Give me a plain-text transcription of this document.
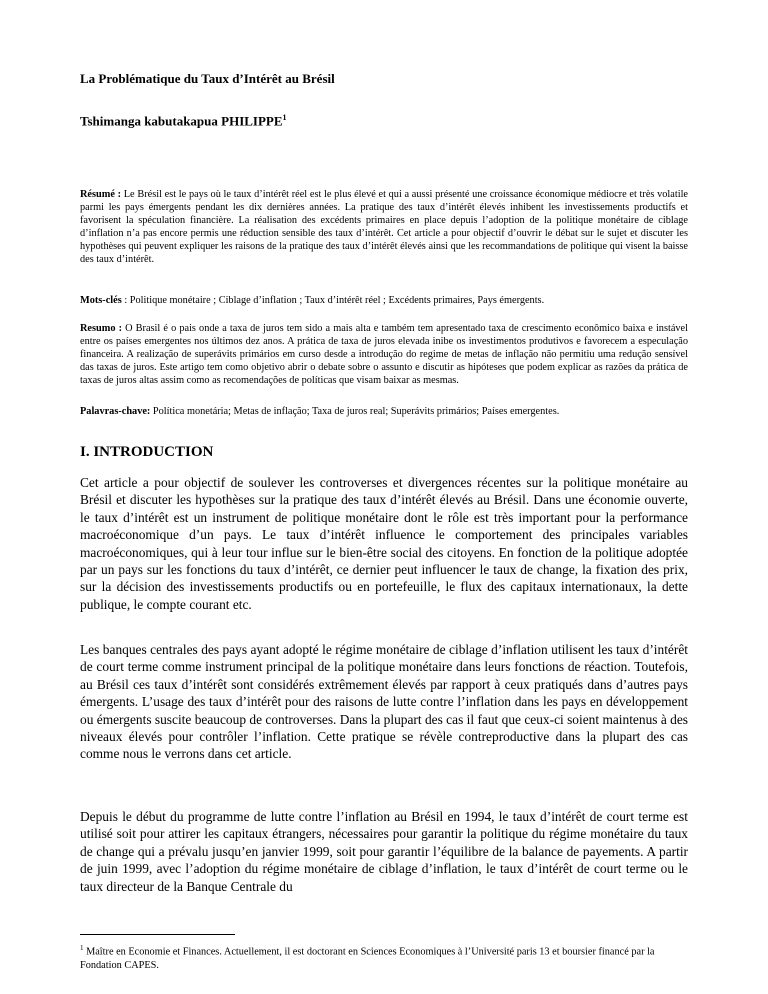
La Problématique du Taux d’Intérêt au Brésil
Tshimanga kabutakapua PHILIPPE$^1$
Résumé : Le Brésil est le pays où le taux d’intérêt réel est le plus élevé et qui a aussi présenté une croissance économique médiocre et très volatile parmi les pays émergents pendant les dix dernières années. La pratique des taux d’intérêt élevés inhibent les investissements productifs et favorisent la spéculation financière. La réalisation des excédents primaires en place depuis l’adoption de la politique monétaire de ciblage d’inflation n’a pas encore permis une réduction sensible des taux d’intérêt. Cet article a pour objectif d’ouvrir le débat sur le sujet et discuter les hypothèses qui peuvent expliquer les raisons de la pratique des taux d’intérêt élevés ainsi que les recommandations de politique qui visent la baisse des taux d’intérêt.
Mots-clés : Politique monétaire ; Ciblage d’inflation ; Taux d’intérêt réel ; Excédents primaires, Pays émergents.
Resumo : O Brasil é o pais onde a taxa de juros tem sido a mais alta e também tem apresentado taxa de crescimento econômico baixa e instável entre os países emergentes nos últimos dez anos. A prática de taxa de juros elevada inibe os investimentos produtivos e favorecem a especulação financeira. A realização de superávits primários em curso desde a introdução do regime de metas de inflação não permitiu uma redução sensível das taxas de juros. Este artigo tem como objetivo abrir o debate sobre o assunto e discutir as hipóteses que podem explicar as razões da prática de taxas de juros altas assim como as recomendações de políticas que visam baixar as mesmas.
Palavras-chave: Política monetária; Metas de inflação; Taxa de juros real; Superávits primários; Países emergentes.
I. INTRODUCTION
Cet article a pour objectif de soulever les controverses et divergences récentes sur la politique monétaire au Brésil et discuter les hypothèses sur la pratique des taux d’intérêt élevés au Brésil. Dans une économie ouverte, le taux d’intérêt est un instrument de politique monétaire dont le rôle est très important pour la performance macroéconomique d’un pays. Le taux d’intérêt influence le comportement des principales variables macroéconomiques, qui à leur tour influe sur le bien-être social des citoyens. En fonction de la politique adoptée par un pays sur les fonctions du taux d’intérêt, ce dernier peut influencer le taux de change, la fixation des prix, sur la décision des investissements productifs ou en portefeuille, le flux des capitaux internationaux, la dette publique, le compte courant etc.
Les banques centrales des pays ayant adopté le régime monétaire de ciblage d’inflation utilisent les taux d’intérêt de court terme comme instrument principal de la politique monétaire dans leurs fonctions de réaction. Toutefois, au Brésil ces taux d’intérêt sont considérés extrêmement élevés par rapport à ceux pratiqués dans d’autres pays émergents. L’usage des taux d’intérêt pour des raisons de lutte contre l’inflation dans les pays en développement ou émergents suscite beaucoup de controverses. Dans la plupart des cas il faut que ceux-ci soient maintenus à des niveaux élevés pour contrôler l’inflation. Cette pratique se révèle contreproductive dans la plupart des cas comme nous le verrons dans cet article.
Depuis le début du programme de lutte contre l’inflation au Brésil en 1994, le taux d’intérêt de court terme est utilisé soit pour attirer les capitaux étrangers, nécessaires pour garantir la politique du régime monétaire du taux de change qui a prévalu jusqu’en janvier 1999, soit pour garantir l’équilibre de la balance de payements. A partir de juin 1999, avec l’adoption du régime monétaire de ciblage d’inflation, le taux d’intérêt de court terme ou le taux directeur de la Banque Centrale du
$^1$ Maître en Economie et Finances. Actuellement, il est doctorant en Sciences Economiques à l’Université paris 13 et boursier financé par la Fondation CAPES.
